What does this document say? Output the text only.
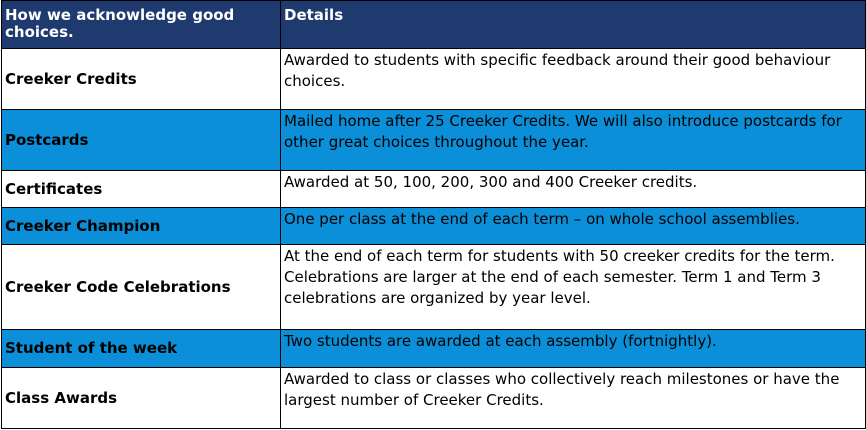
How we acknowledge good choices.	Details
Creeker Credits	Awarded to students with specific feedback around their good behaviour choices.
Postcards	Mailed home after 25 Creeker Credits. We will also introduce postcards for other great choices throughout the year.
Certificates	Awarded at 50, 100, 200, 300 and 400 Creeker credits.
Creeker Champion	One per class at the end of each term – on whole school assemblies.
Creeker Code Celebrations	At the end of each term for students with 50 creeker credits for the term. Celebrations are larger at the end of each semester. Term 1 and Term 3 celebrations are organized by year level.
Student of the week	Two students are awarded at each assembly (fortnightly).
Class Awards	Awarded to class or classes who collectively reach milestones or have the largest number of Creeker Credits.
